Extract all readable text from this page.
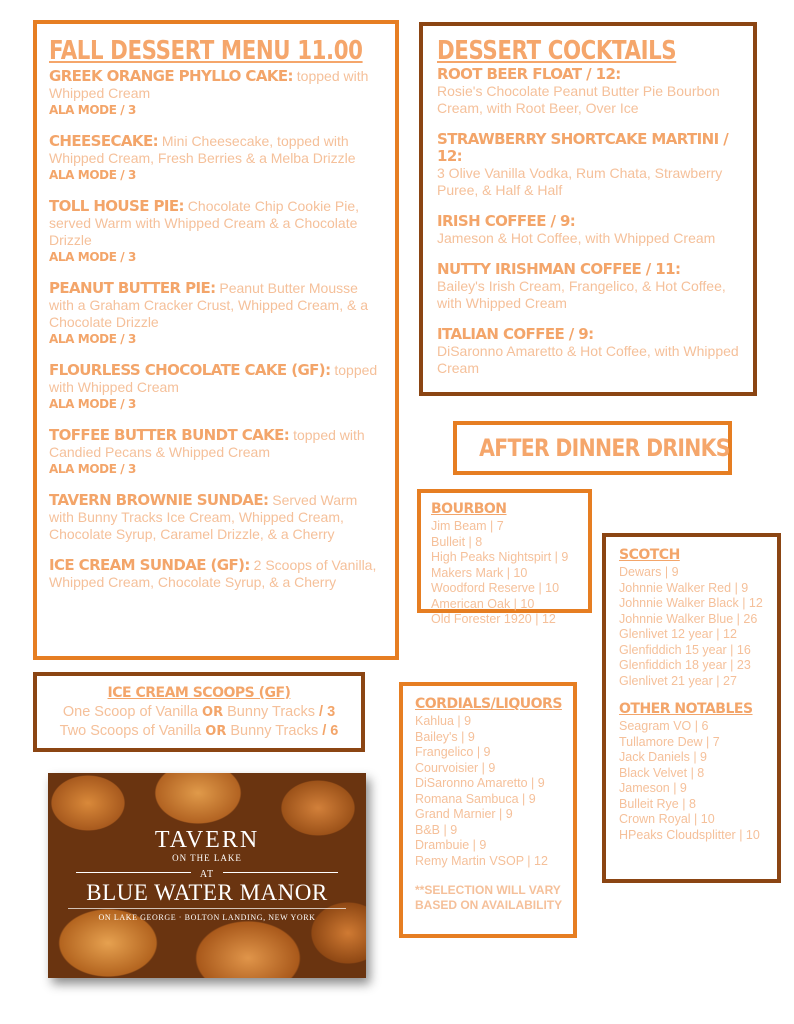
FALL DESSERT MENU 11.00
GREEK ORANGE PHYLLO CAKE: topped with Whipped Cream
ALA MODE / 3
CHEESECAKE: Mini Cheesecake, topped with Whipped Cream, Fresh Berries & a Melba Drizzle
ALA MODE / 3
TOLL HOUSE PIE: Chocolate Chip Cookie Pie, served Warm with Whipped Cream & a Chocolate Drizzle
ALA MODE / 3
PEANUT BUTTER PIE: Peanut Butter Mousse with a Graham Cracker Crust, Whipped Cream, & a Chocolate Drizzle
ALA MODE / 3
FLOURLESS CHOCOLATE CAKE (GF): topped with Whipped Cream
ALA MODE / 3
TOFFEE BUTTER BUNDT CAKE: topped with Candied Pecans & Whipped Cream
ALA MODE / 3
TAVERN BROWNIE SUNDAE: Served Warm with Bunny Tracks Ice Cream, Whipped Cream, Chocolate Syrup, Caramel Drizzle, & a Cherry
ICE CREAM SUNDAE (GF): 2 Scoops of Vanilla, Whipped Cream, Chocolate Syrup, & a Cherry
ICE CREAM SCOOPS (GF)
One Scoop of Vanilla OR Bunny Tracks / 3
Two Scoops of Vanilla OR Bunny Tracks / 6
TAVERN
ON THE LAKE
AT
BLUE WATER MANOR
ON LAKE GEORGE · BOLTON LANDING, NEW YORK
DESSERT COCKTAILS
ROOT BEER FLOAT / 12:
Rosie's Chocolate Peanut Butter Pie Bourbon Cream, with Root Beer, Over Ice
STRAWBERRY SHORTCAKE MARTINI / 12:
3 Olive Vanilla Vodka, Rum Chata, Strawberry Puree, & Half & Half
IRISH COFFEE / 9:
Jameson & Hot Coffee, with Whipped Cream
NUTTY IRISHMAN COFFEE / 11:
Bailey's Irish Cream, Frangelico, & Hot Coffee, with Whipped Cream
ITALIAN COFFEE / 9:
DiSaronno Amaretto & Hot Coffee, with Whipped Cream
AFTER DINNER DRINKS
BOURBON
Jim Beam | 7
Bulleit | 8
High Peaks Nightspirt | 9
Makers Mark | 10
Woodford Reserve | 10
American Oak | 10
Old Forester 1920 | 12
CORDIALS/LIQUORS
Kahlua | 9
Bailey's | 9
Frangelico | 9
Courvoisier | 9
DiSaronno Amaretto | 9
Romana Sambuca | 9
Grand Marnier | 9
B&B | 9
Drambuie | 9
Remy Martin VSOP | 12
**SELECTION WILL VARY BASED ON AVAILABILITY
SCOTCH
Dewars | 9
Johnnie Walker Red | 9
Johnnie Walker Black | 12
Johnnie Walker Blue | 26
Glenlivet 12 year | 12
Glenfiddich 15 year | 16
Glenfiddich 18 year | 23
Glenlivet 21 year | 27
OTHER NOTABLES
Seagram VO | 6
Tullamore Dew | 7
Jack Daniels | 9
Black Velvet | 8
Jameson | 9
Bulleit Rye | 8
Crown Royal | 10
HPeaks Cloudsplitter | 10
